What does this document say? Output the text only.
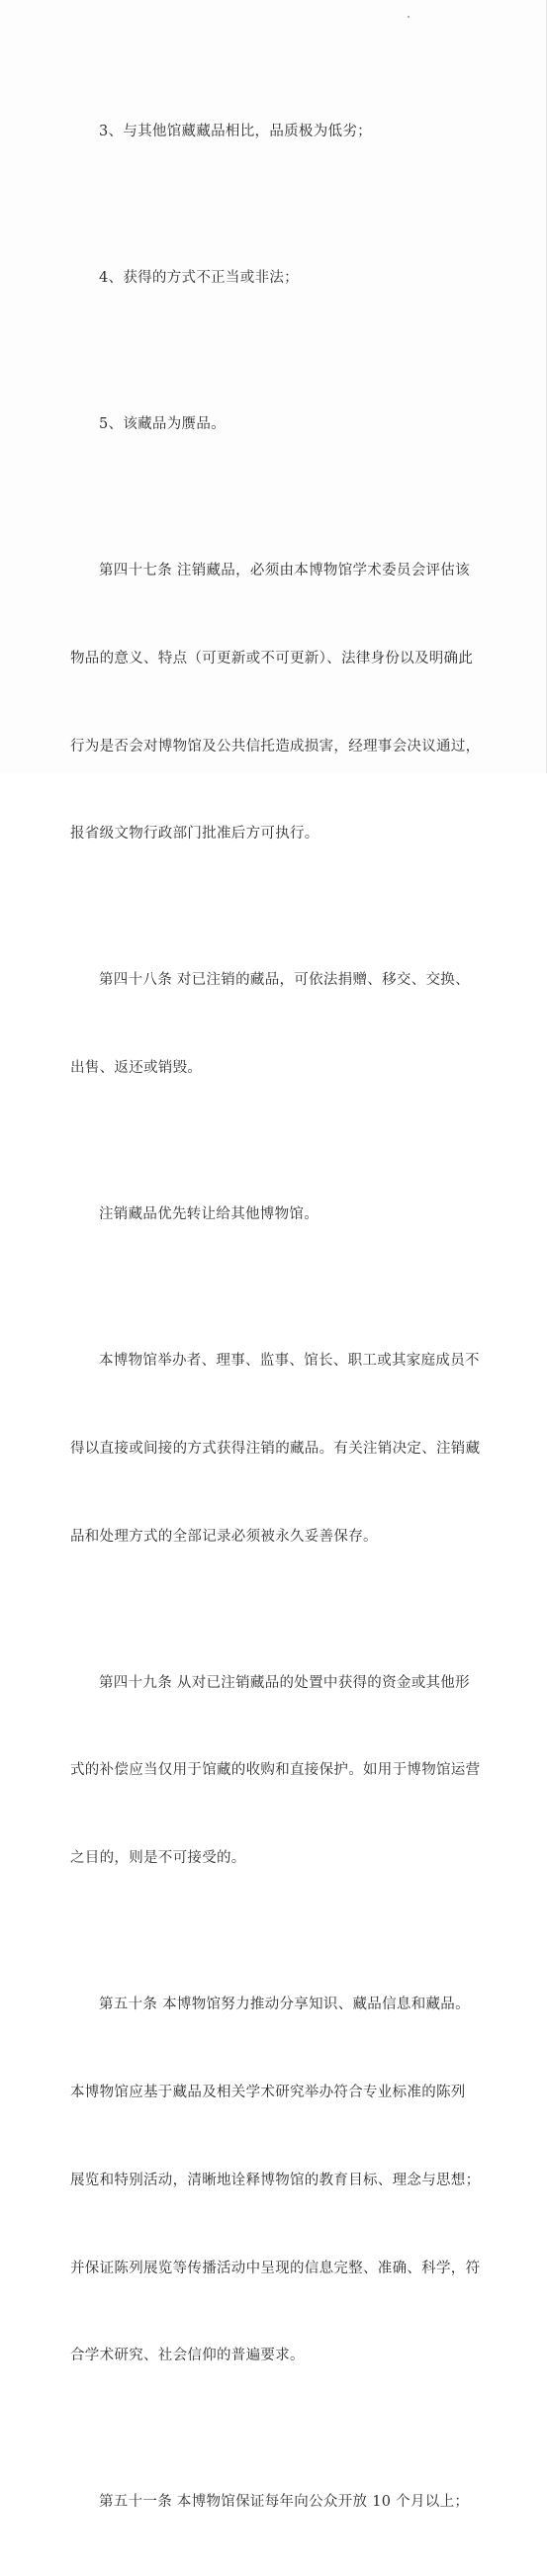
3、与其他馆藏藏品相比，品质极为低劣；

4、获得的方式不正当或非法；

5、该藏品为赝品。

第四十七条 注销藏品，必须由本博物馆学术委员会评估该

物品的意义、特点（可更新或不可更新）、法律身份以及明确此

行为是否会对博物馆及公共信托造成损害，经理事会决议通过，

报省级文物行政部门批准后方可执行。

第四十八条 对已注销的藏品，可依法捐赠、移交、交换、

出售、返还或销毁。

注销藏品优先转让给其他博物馆。

本博物馆举办者、理事、监事、馆长、职工或其家庭成员不

得以直接或间接的方式获得注销的藏品。有关注销决定、注销藏

品和处理方式的全部记录必须被永久妥善保存。

第四十九条 从对已注销藏品的处置中获得的资金或其他形

式的补偿应当仅用于馆藏的收购和直接保护。如用于博物馆运营

之目的，则是不可接受的。

第五十条 本博物馆努力推动分享知识、藏品信息和藏品。

本博物馆应基于藏品及相关学术研究举办符合专业标准的陈列

展览和特别活动，清晰地诠释博物馆的教育目标、理念与思想；

并保证陈列展览等传播活动中呈现的信息完整、准确、科学，符

合学术研究、社会信仰的普遍要求。

第五十一条 本博物馆保证每年向公众开放 10 个月以上；
